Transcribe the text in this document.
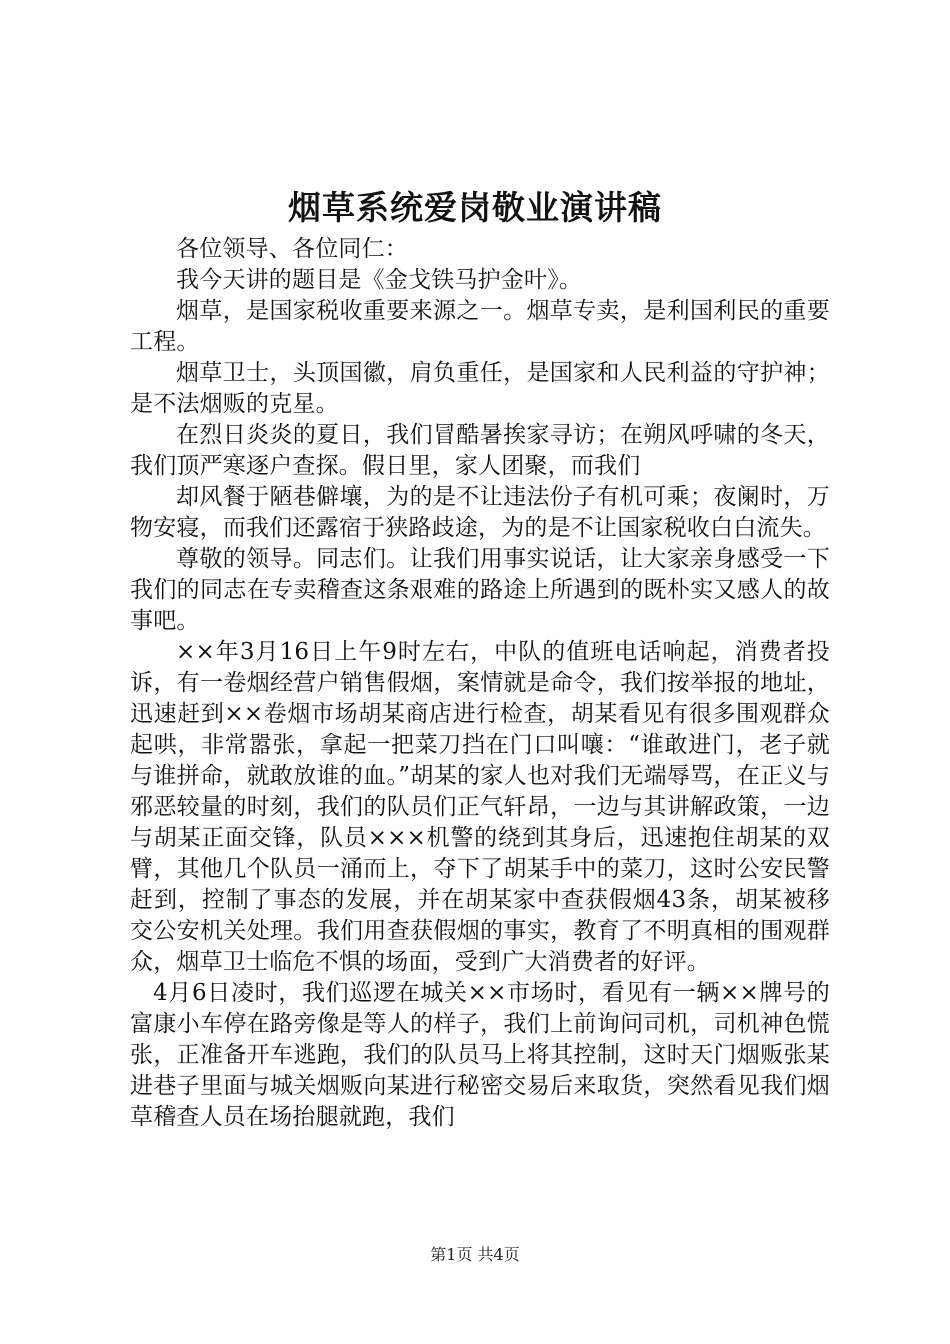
烟草系统爱岗敬业演讲稿

各位领导、各位同仁：

我今天讲的题目是《金戈铁马护金叶》。

烟草，是国家税收重要来源之一。烟草专卖，是利国利民的重要工程。

烟草卫士，头顶国徽，肩负重任，是国家和人民利益的守护神；是不法烟贩的克星。

在烈日炎炎的夏日，我们冒酷暑挨家寻访；在朔风呼啸的冬天，我们顶严寒逐户查探。假日里，家人团聚，而我们

却风餐于陋巷僻壤，为的是不让违法份子有机可乘；夜阑时，万物安寝，而我们还露宿于狭路歧途，为的是不让国家税收白白流失。

尊敬的领导。同志们。让我们用事实说话，让大家亲身感受一下我们的同志在专卖稽查这条艰难的路途上所遇到的既朴实又感人的故事吧。

××年3月16日上午9时左右，中队的值班电话响起，消费者投诉，有一卷烟经营户销售假烟，案情就是命令，我们按举报的地址，迅速赶到××卷烟市场胡某商店进行检查，胡某看见有很多围观群众起哄，非常嚣张，拿起一把菜刀挡在门口叫嚷：“谁敢进门，老子就与谁拼命，就敢放谁的血。”胡某的家人也对我们无端辱骂，在正义与邪恶较量的时刻，我们的队员们正气轩昂，一边与其讲解政策，一边与胡某正面交锋，队员×××机警的绕到其身后，迅速抱住胡某的双臂，其他几个队员一涌而上，夺下了胡某手中的菜刀，这时公安民警赶到，控制了事态的发展，并在胡某家中查获假烟43条，胡某被移交公安机关处理。我们用查获假烟的事实，教育了不明真相的围观群众，烟草卫士临危不惧的场面，受到广大消费者的好评。

4月6日凌时，我们巡逻在城关××市场时，看见有一辆××牌号的富康小车停在路旁像是等人的样子，我们上前询问司机，司机神色慌张，正准备开车逃跑，我们的队员马上将其控制，这时天门烟贩张某进巷子里面与城关烟贩向某进行秘密交易后来取货，突然看见我们烟草稽查人员在场抬腿就跑，我们

第1页 共4页
